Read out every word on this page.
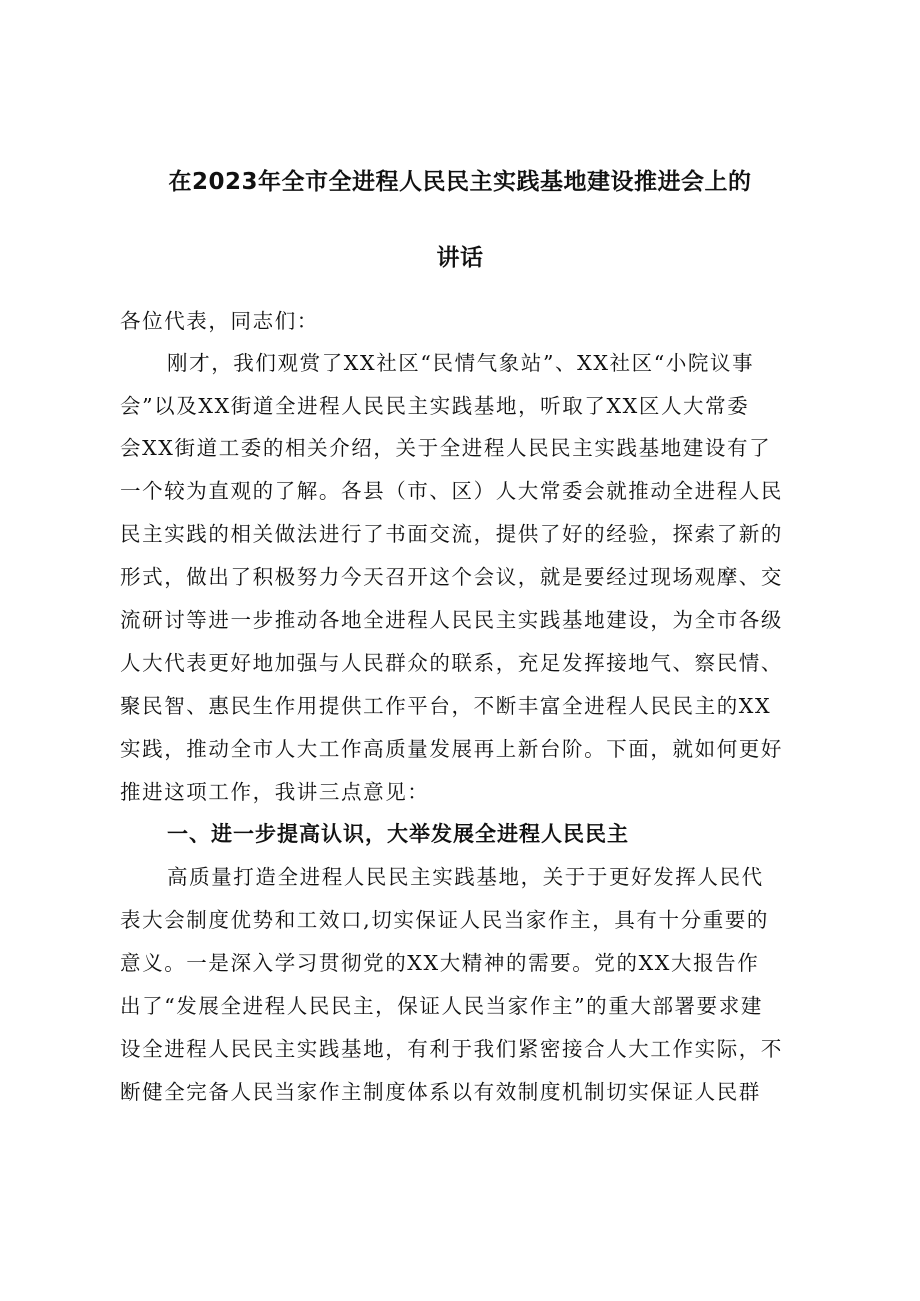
在2023年全市全进程人民民主实践基地建设推进会上的
讲话
各位代表，同志们：
刚才，我们观赏了XX社区“民情气象站”、XX社区“小院议事
会”以及XX街道全进程人民民主实践基地，听取了XX区人大常委
会XX街道工委的相关介绍，关于全进程人民民主实践基地建设有了
一个较为直观的了解。各县（市、区）人大常委会就推动全进程人民
民主实践的相关做法进行了书面交流，提供了好的经验，探索了新的
形式，做出了积极努力今天召开这个会议，就是要经过现场观摩、交
流研讨等进一步推动各地全进程人民民主实践基地建设，为全市各级
人大代表更好地加强与人民群众的联系，充足发挥接地气、察民情、
聚民智、惠民生作用提供工作平台，不断丰富全进程人民民主的XX
实践，推动全市人大工作高质量发展再上新台阶。下面，就如何更好
推进这项工作，我讲三点意见：
一、进一步提高认识，大举发展全进程人民民主
高质量打造全进程人民民主实践基地，关于于更好发挥人民代
表大会制度优势和工效口,切实保证人民当家作主，具有十分重要的
意义。一是深入学习贯彻党的XX大精神的需要。党的XX大报告作
出了“发展全进程人民民主，保证人民当家作主”的重大部署要求建
设全进程人民民主实践基地，有利于我们紧密接合人大工作实际，不
断健全完备人民当家作主制度体系以有效制度机制切实保证人民群
